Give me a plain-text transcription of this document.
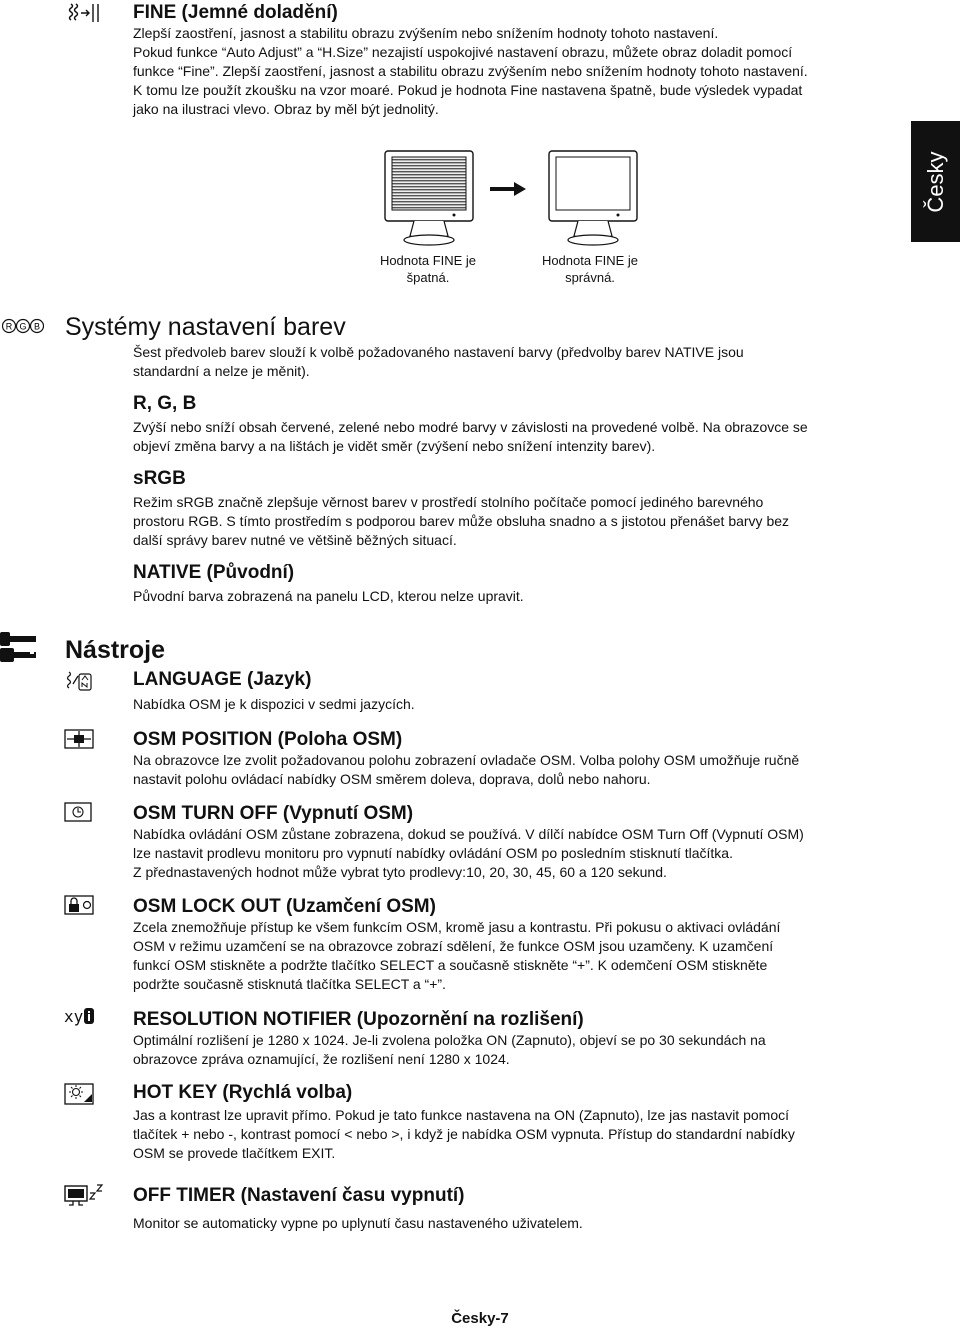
Česky
FINE (Jemné doladění)
Zlepší zaostření, jasnost a stabilitu obrazu zvýšením nebo snížením hodnoty tohoto nastavení.
Pokud funkce “Auto Adjust” a “H.Size” nezajistí uspokojivé nastavení obrazu, můžete obraz doladit pomocí
funkce “Fine”. Zlepší zaostření, jasnost a stabilitu obrazu zvýšením nebo snížením hodnoty tohoto nastavení.
K tomu lze použít zkoušku na vzor moaré. Pokud je hodnota Fine nastavena špatně, bude výsledek vypadat
jako na ilustraci vlevo. Obraz by měl být jednolitý.
Hodnota FINE je
špatná.
Hodnota FINE je
správná.
R G B Systémy nastavení barev
Šest předvoleb barev slouží k volbě požadovaného nastavení barvy (předvolby barev NATIVE jsou
standardní a nelze je měnit).
R, G, B
Zvýší nebo sníží obsah červené, zelené nebo modré barvy v závislosti na provedené volbě. Na obrazovce se
objeví změna barvy a na lištách je vidět směr (zvýšení nebo snížení intenzity barev).
sRGB
Režim sRGB značně zlepšuje věrnost barev v prostředí stolního počítače pomocí jediného barevného
prostoru RGB. S tímto prostředím s podporou barev může obsluha snadno a s jistotou přenášet barvy bez
další správy barev nutné ve většině běžných situací.
NATIVE (Původní)
Původní barva zobrazená na panelu LCD, kterou nelze upravit.
Nástroje
LANGUAGE (Jazyk)
Nabídka OSM je k dispozici v sedmi jazycích.
OSM POSITION (Poloha OSM)
Na obrazovce lze zvolit požadovanou polohu zobrazení ovladače OSM. Volba polohy OSM umožňuje ručně
nastavit polohu ovládací nabídky OSM směrem doleva, doprava, dolů nebo nahoru.
OSM TURN OFF (Vypnutí OSM)
Nabídka ovládání OSM zůstane zobrazena, dokud se používá. V dílčí nabídce OSM Turn Off (Vypnutí OSM)
lze nastavit prodlevu monitoru pro vypnutí nabídky ovládání OSM po posledním stisknutí tlačítka.
Z přednastavených hodnot může vybrat tyto prodlevy:10, 20, 30, 45, 60 a 120 sekund.
OSM LOCK OUT (Uzamčení OSM)
Zcela znemožňuje přístup ke všem funkcím OSM, kromě jasu a kontrastu. Při pokusu o aktivaci ovládání
OSM v režimu uzamčení se na obrazovce zobrazí sdělení, že funkce OSM jsou uzamčeny. K uzamčení
funkcí OSM stiskněte a podržte tlačítko SELECT a současně stiskněte “+”. K odemčení OSM stiskněte
podržte současně stisknutá tlačítka SELECT a “+”.
xy	RESOLUTION NOTIFIER (Upozornění na rozlišení)
Optimální rozlišení je 1280 x 1024. Je-li zvolena položka ON (Zapnuto), objeví se po 30 sekundách na
obrazovce zpráva oznamující, že rozlišení není 1280 x 1024.
HOT KEY (Rychlá volba)
Jas a kontrast lze upravit přímo. Pokud je tato funkce nastavena na ON (Zapnuto), lze jas nastavit pomocí
tlačítek + nebo -, kontrast pomocí < nebo >, i když je nabídka OSM vypnuta. Přístup do standardní nabídky
OSM se provede tlačítkem EXIT.
OFF TIMER (Nastavení času vypnutí)
Monitor se automaticky vypne po uplynutí času nastaveného uživatelem.
Česky-7
